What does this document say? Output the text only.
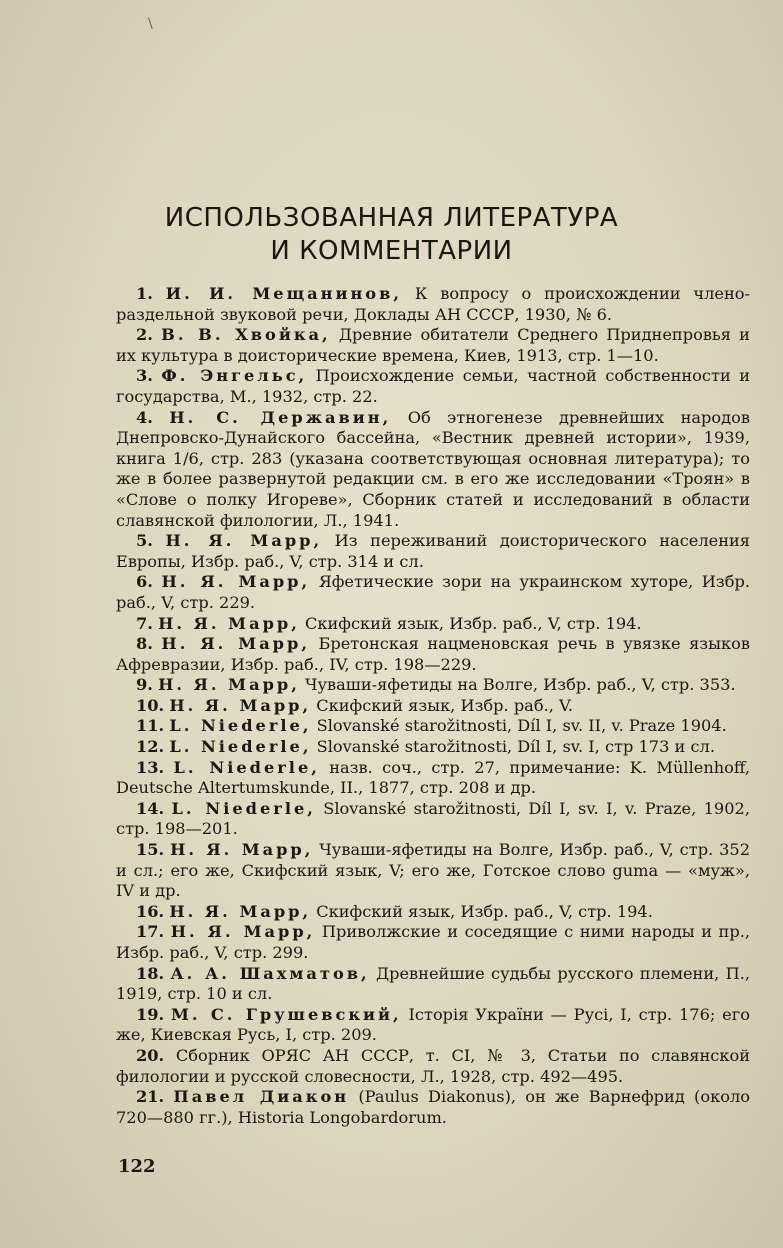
\
ИСПОЛЬЗОВАННАЯ ЛИТЕРАТУРА
И КОММЕНТАРИИ

1. И. И. Мещанинов, К вопросу о происхождении члено-раздельной звуковой речи, Доклады АН СССР, 1930, № 6.

2. В. В. Хвойка, Древние обитатели Среднего Приднепровья и их культура в доисторические времена, Киев, 1913, стр. 1—10.

3. Ф. Энгельс, Происхождение семьи, частной собственности и государства, М., 1932, стр. 22.

4. Н. С. Державин, Об этногенезе древнейших народов Днепровско-Дунайского бассейна, «Вестник древней истории», 1939, книга 1/6, стр. 283 (указана соответствующая основная литература); то же в более развернутой редакции см. в его же исследовании «Троян» в «Слове о полку Игореве», Сборник статей и исследований в области славянской филологии, Л., 1941.

5. Н. Я. Марр, Из переживаний доисторического населения Европы, Избр. раб., V, стр. 314 и сл.

6. Н. Я. Марр, Яфетические зори на украинском хуторе, Избр. раб., V, стр. 229.

7. Н. Я. Марр, Скифский язык, Избр. раб., V, стр. 194.

8. Н. Я. Марр, Бретонская нацменовская речь в увязке языков Афревразии, Избр. раб., IV, стр. 198—229.

9. Н. Я. Марр, Чуваши-яфетиды на Волге, Избр. раб., V, стр. 353.

10. Н. Я. Марр, Скифский язык, Избр. раб., V.

11. L. Niederle, Slovanské starožitnosti, Díl I, sv. II, v. Praze 1904.

12. L. Niederle, Slovanské starožitnosti, Díl I, sv. I, стр 173 и сл.

13. L. Niederle, назв. соч., стр. 27, примечание: K. Müllenhoff, Deutsche Altertumskunde, II., 1877, стр. 208 и др.

14. L. Niederle, Slovanské starožitnosti, Díl I, sv. I, v. Praze, 1902, стр. 198—201.

15. Н. Я. Марр, Чуваши-яфетиды на Волге, Избр. раб., V, стр. 352 и сл.; его же, Скифский язык, V; его же, Готское слово guma — «муж», IV и др.

16. Н. Я. Марр, Скифский язык, Избр. раб., V, стр. 194.

17. Н. Я. Марр, Приволжские и соседящие с ними народы и пр., Избр. раб., V, стр. 299.

18. А. А. Шахматов, Древнейшие судьбы русского племени, П., 1919, стр. 10 и сл.

19. М. С. Грушевский, Історія України — Русі, I, стр. 176; его же, Киевская Русь, I, стр. 209.

20. Сборник ОРЯС АН СССР, т. CI, № 3, Статьи по славянской филологии и русской словесности, Л., 1928, стр. 492—495.

21. Павел Диакон (Paulus Diakonus), он же Варнефрид (около 720—880 гг.), Historia Longobardorum.

122
